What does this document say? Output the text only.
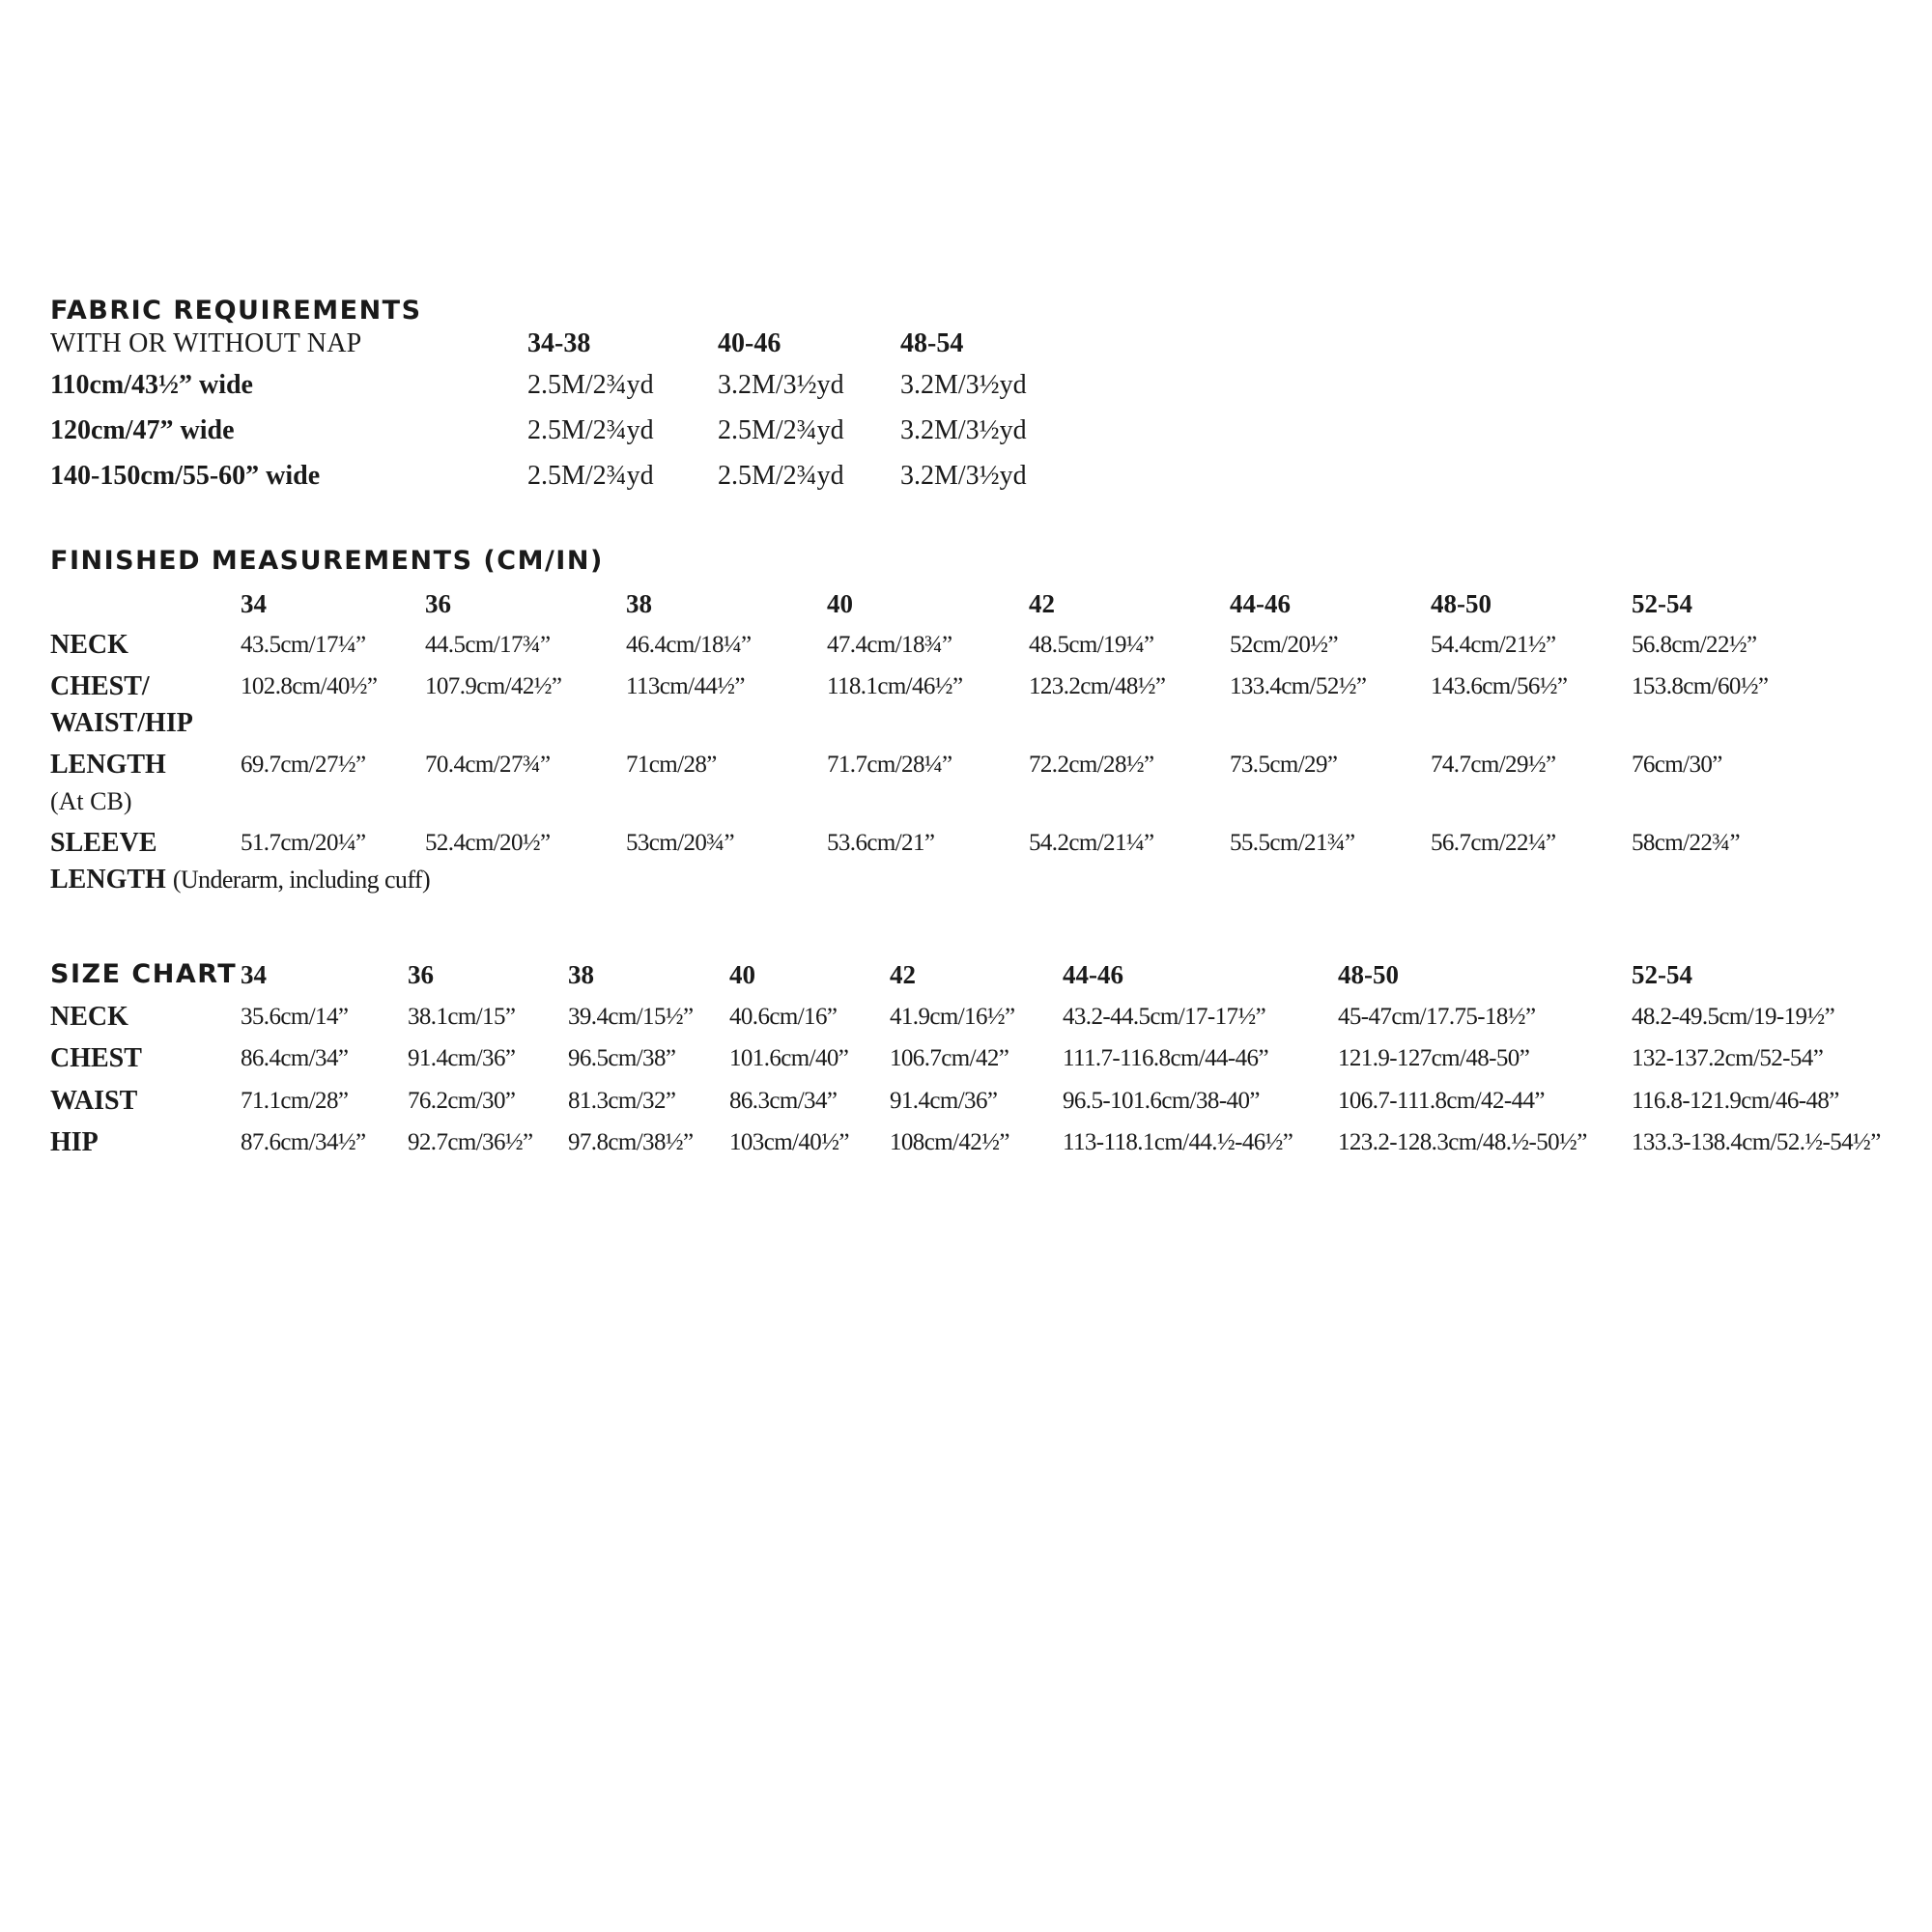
FABRIC REQUIREMENTS
WITH OR WITHOUT NAP	34-38	40-46	48-54
110cm/43½” wide	2.5M/2¾yd 3.2M/3½yd 3.2M/3½yd
120cm/47” wide	2.5M/2¾yd 2.5M/2¾yd 3.2M/3½yd
140-150cm/55-60” wide	2.5M/2¾yd 2.5M/2¾yd 3.2M/3½yd
FINISHED MEASUREMENTS (CM/IN)
34	36	38	40	42	44-46	48-50	52-54
NECK	43.5cm/17¼” 44.5cm/17¾”	46.4cm/18¼”	47.4cm/18¾”	48.5cm/19¼”	52cm/20½”	54.4cm/21½”	56.8cm/22½”
CHEST/
WAIST/HIP
102.8cm/40½” 107.9cm/42½”	113cm/44½”	118.1cm/46½”	123.2cm/48½”	133.4cm/52½”	143.6cm/56½”	153.8cm/60½”
LENGTH
(At CB)
69.7cm/27½” 70.4cm/27¾”	71cm/28”	71.7cm/28¼”	72.2cm/28½”	73.5cm/29”	74.7cm/29½”	76cm/30”
SLEEVE
LENGTH (Underarm, including cuff)
51.7cm/20¼” 52.4cm/20½”	53cm/20¾”	53.6cm/21”	54.2cm/21¼”	55.5cm/21¾”	56.7cm/22¼”	58cm/22¾”
SIZE CHART 34	36	38	40	42	44-46	48-50	52-54
NECK	35.6cm/14” 38.1cm/15” 39.4cm/15½” 40.6cm/16” 41.9cm/16½” 43.2-44.5cm/17-17½”	45-47cm/17.75-18½”	48.2-49.5cm/19-19½”
CHEST	86.4cm/34” 91.4cm/36” 96.5cm/38” 101.6cm/40” 106.7cm/42” 111.7-116.8cm/44-46”	121.9-127cm/48-50”	132-137.2cm/52-54”
WAIST	71.1cm/28” 76.2cm/30” 81.3cm/32” 86.3cm/34” 91.4cm/36”	96.5-101.6cm/38-40”	106.7-111.8cm/42-44”	116.8-121.9cm/46-48”
HIP	87.6cm/34½” 92.7cm/36½” 97.8cm/38½” 103cm/40½” 108cm/42½” 113-118.1cm/44.½-46½” 123.2-128.3cm/48.½-50½” 133.3-138.4cm/52.½-54½”
